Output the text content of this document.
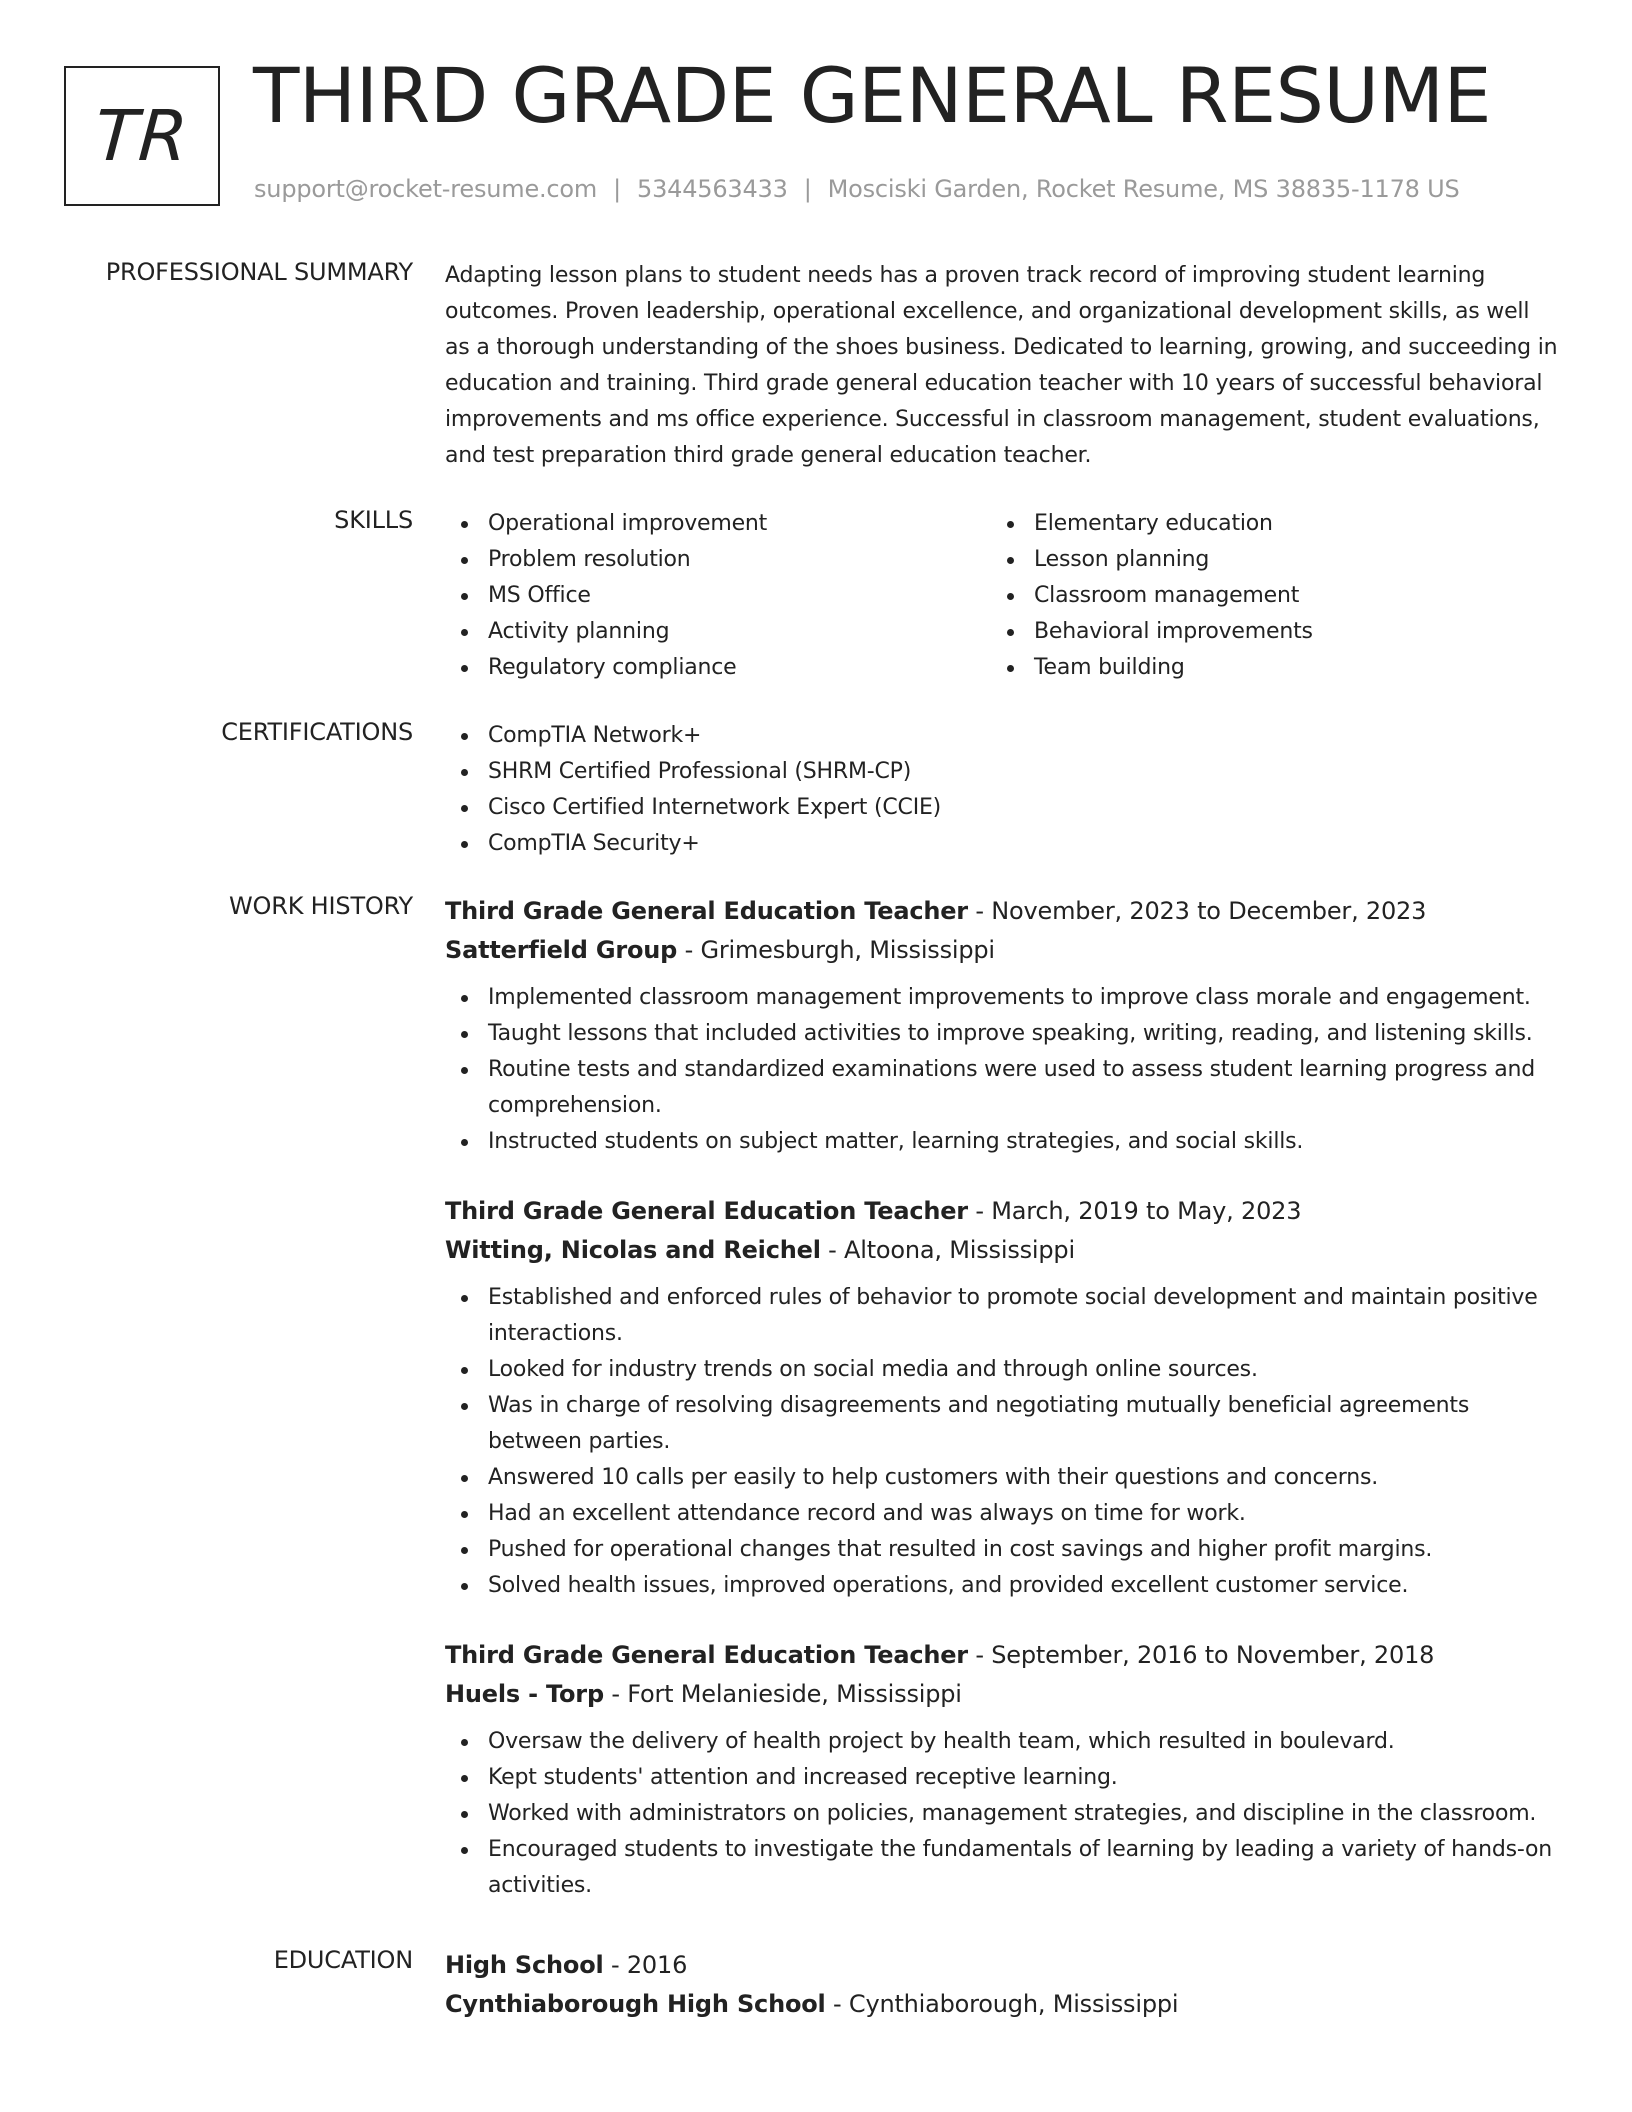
TR THIRD GRADE GENERAL RESUME
support@rocket-resume.com | 5344563433 | Mosciski Garden, Rocket Resume, MS 38835-1178 US
PROFESSIONAL SUMMARY Adapting lesson plans to student needs has a proven track record of improving student learning outcomes. Proven leadership, operational excellence, and organizational development skills, as well as a thorough understanding of the shoes business. Dedicated to learning, growing, and succeeding in education and training. Third grade general education teacher with 10 years of successful behavioral improvements and ms office experience. Successful in classroom management, student evaluations, and test preparation third grade general education teacher.

SKILLS	Operational improvement
Problem resolution
MS Office
Activity planning
Regulatory compliance
Elementary education
Lesson planning
Classroom management
Behavioral improvements
Team building
CERTIFICATIONS	CompTIA Network+
SHRM Certified Professional (SHRM-CP)
Cisco Certified Internetwork Expert (CCIE)
CompTIA Security+
WORK HISTORY Third Grade General Education Teacher - November, 2023 to December, 2023
Satterfield Group - Grimesburgh, Mississippi
Implemented classroom management improvements to improve class morale and engagement.
Taught lessons that included activities to improve speaking, writing, reading, and listening skills.
Routine tests and standardized examinations were used to assess student learning progress and comprehension.
Instructed students on subject matter, learning strategies, and social skills.
Third Grade General Education Teacher - March, 2019 to May, 2023
Witting, Nicolas and Reichel - Altoona, Mississippi
Established and enforced rules of behavior to promote social development and maintain positive interactions.
Looked for industry trends on social media and through online sources.
Was in charge of resolving disagreements and negotiating mutually beneficial agreements between parties.
Answered 10 calls per easily to help customers with their questions and concerns.
Had an excellent attendance record and was always on time for work.
Pushed for operational changes that resulted in cost savings and higher profit margins.
Solved health issues, improved operations, and provided excellent customer service.
Third Grade General Education Teacher - September, 2016 to November, 2018
Huels - Torp - Fort Melanieside, Mississippi
Oversaw the delivery of health project by health team, which resulted in boulevard.
Kept students' attention and increased receptive learning.
Worked with administrators on policies, management strategies, and discipline in the classroom.
Encouraged students to investigate the fundamentals of learning by leading a variety of hands-on activities.
EDUCATION High School - 2016
Cynthiaborough High School - Cynthiaborough, Mississippi
